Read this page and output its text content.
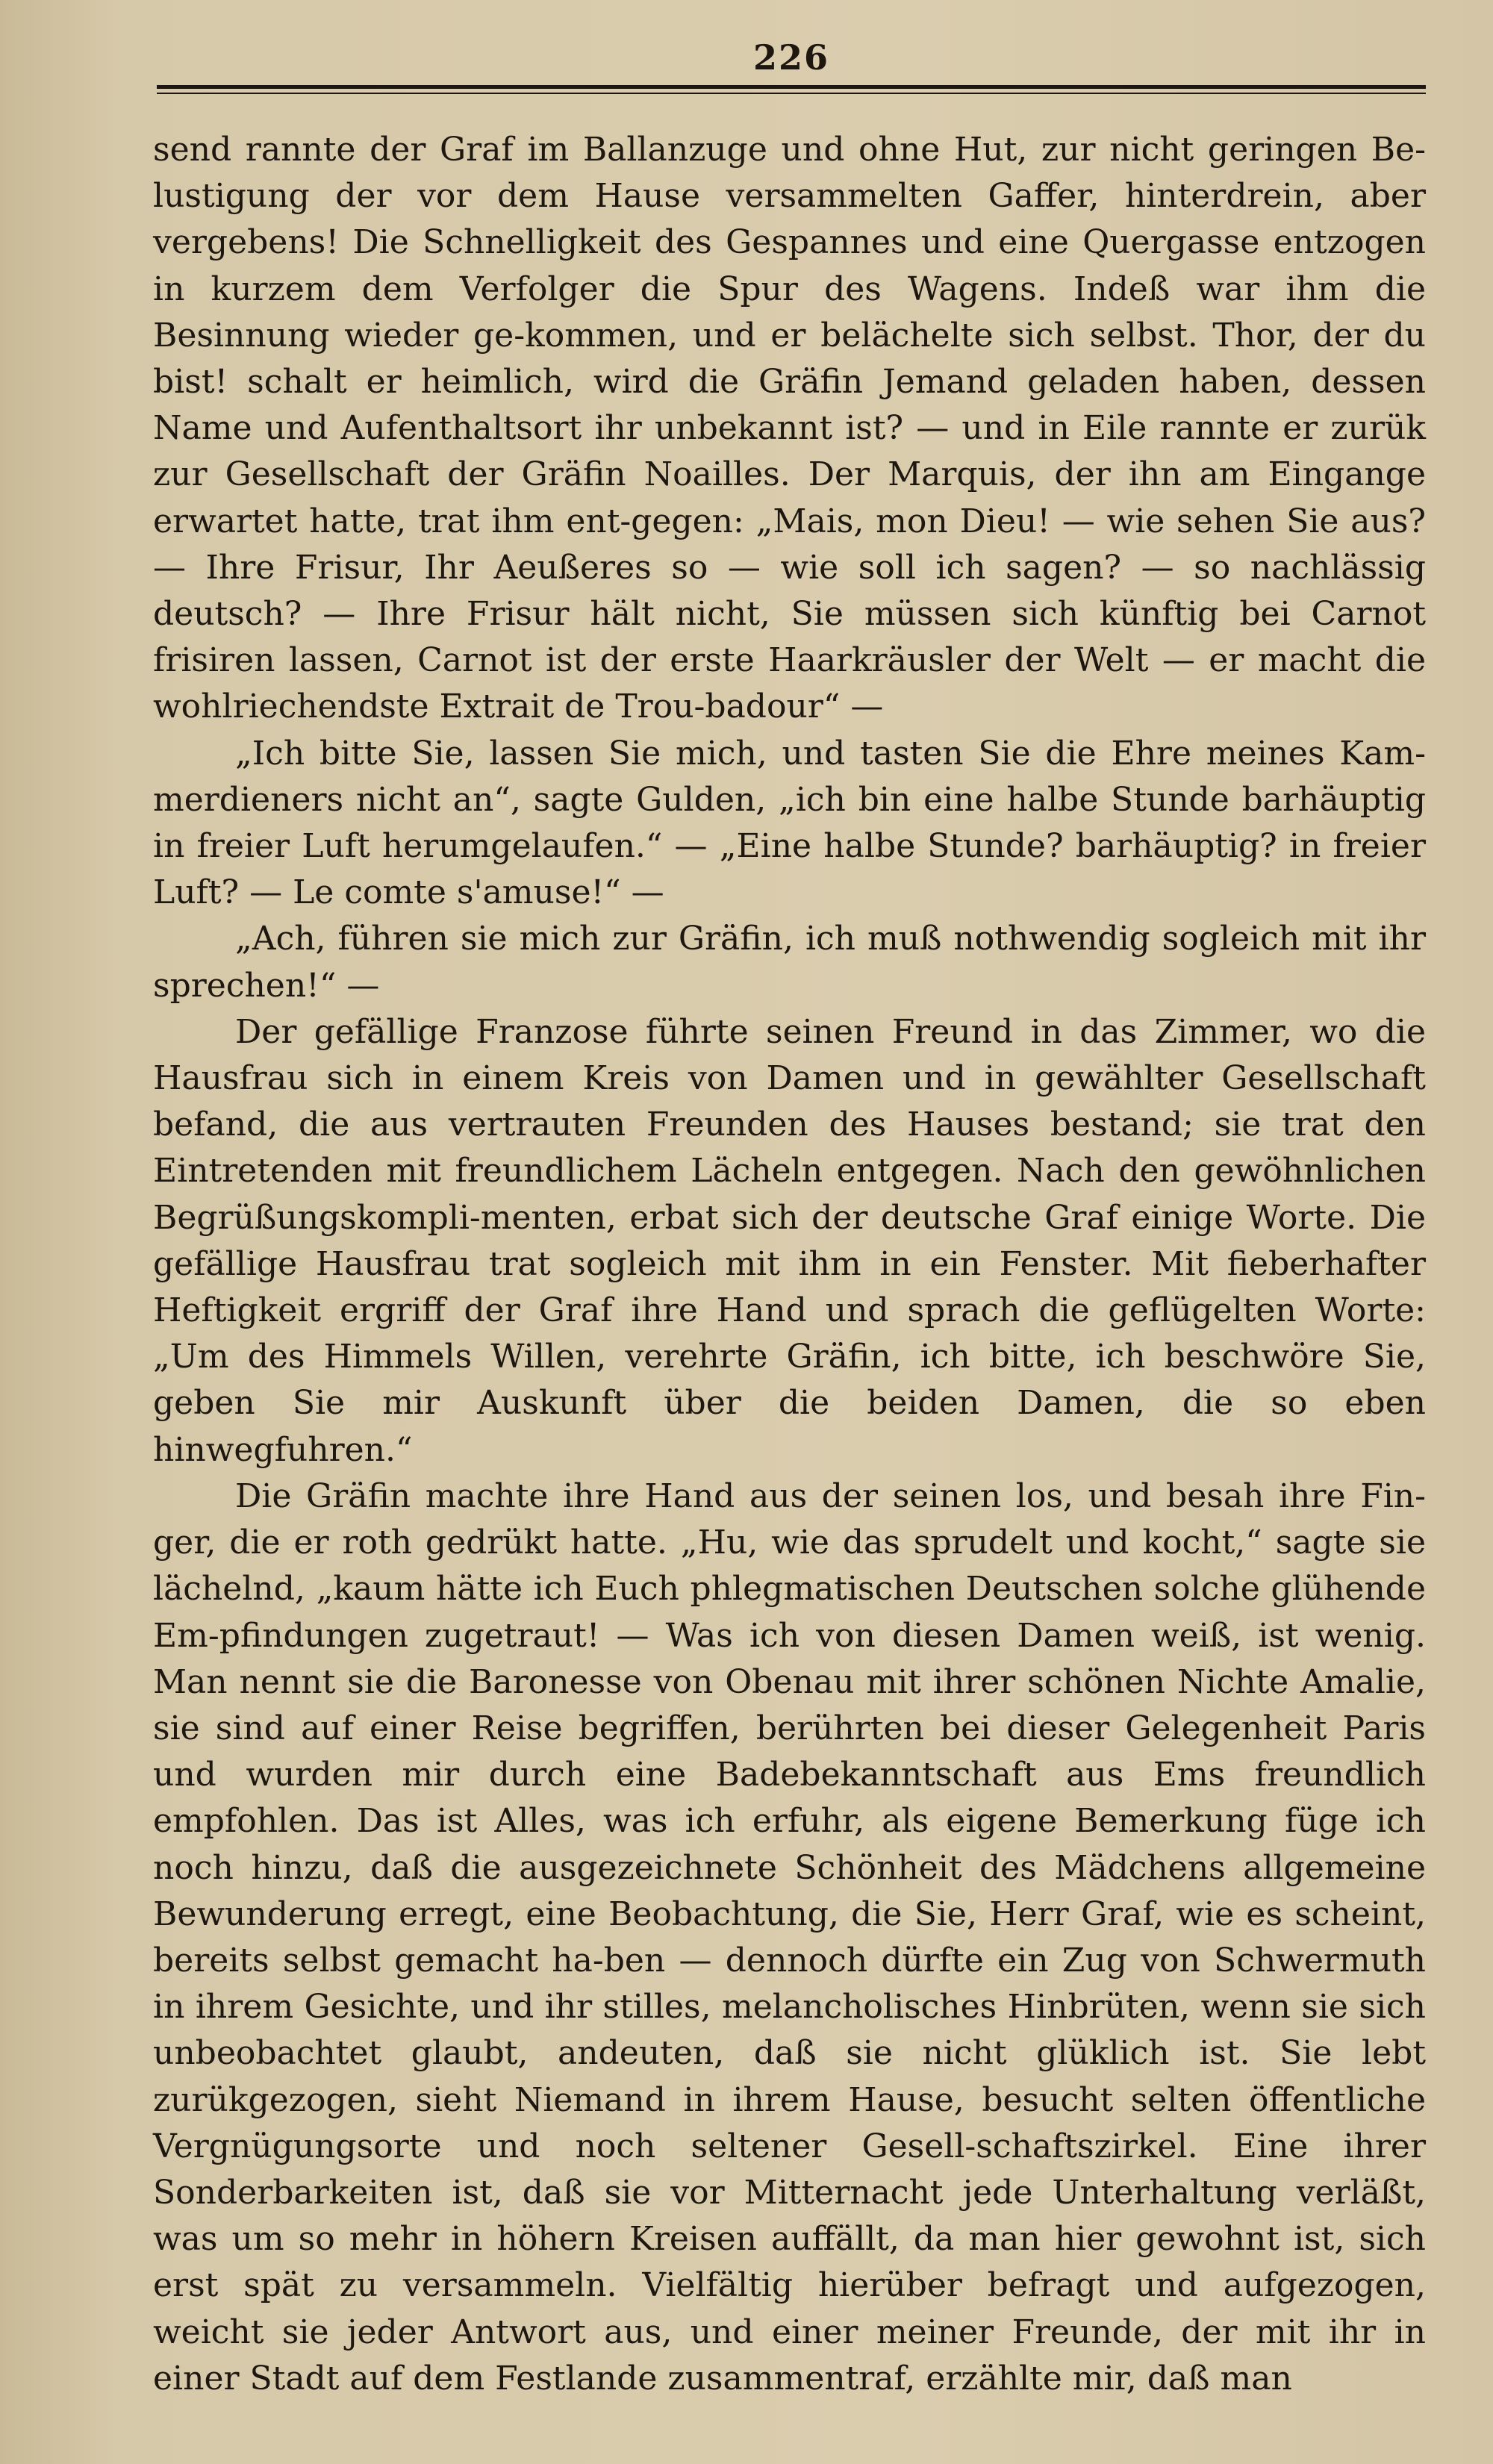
226

send rannte der Graf im Ballanzuge und ohne Hut, zur nicht geringen Be-lustigung der vor dem Hause versammelten Gaffer, hinterdrein, aber vergebens! Die Schnelligkeit des Gespannes und eine Quergasse entzogen in kurzem dem Verfolger die Spur des Wagens. Indeß war ihm die Besinnung wieder ge-kommen, und er belächelte sich selbst. Thor, der du bist! schalt er heimlich, wird die Gräfin Jemand geladen haben, dessen Name und Aufenthaltsort ihr unbekannt ist? — und in Eile rannte er zurük zur Gesellschaft der Gräfin Noailles. Der Marquis, der ihn am Eingange erwartet hatte, trat ihm ent-gegen: „Mais, mon Dieu! — wie sehen Sie aus? — Ihre Frisur, Ihr Aeußeres so — wie soll ich sagen? — so nachlässig deutsch? — Ihre Frisur hält nicht, Sie müssen sich künftig bei Carnot frisiren lassen, Carnot ist der erste Haarkräusler der Welt — er macht die wohlriechendste Extrait de Trou-badour“ —

„Ich bitte Sie, lassen Sie mich, und tasten Sie die Ehre meines Kam-merdieners nicht an“, sagte Gulden, „ich bin eine halbe Stunde barhäuptig in freier Luft herumgelaufen.“ — „Eine halbe Stunde? barhäuptig? in freier Luft? — Le comte s'amuse!“ —

„Ach, führen sie mich zur Gräfin, ich muß nothwendig sogleich mit ihr sprechen!“ —

Der gefällige Franzose führte seinen Freund in das Zimmer, wo die Hausfrau sich in einem Kreis von Damen und in gewählter Gesellschaft befand, die aus vertrauten Freunden des Hauses bestand; sie trat den Eintretenden mit freundlichem Lächeln entgegen. Nach den gewöhnlichen Begrüßungskompli-menten, erbat sich der deutsche Graf einige Worte. Die gefällige Hausfrau trat sogleich mit ihm in ein Fenster. Mit fieberhafter Heftigkeit ergriff der Graf ihre Hand und sprach die geflügelten Worte: „Um des Himmels Willen, verehrte Gräfin, ich bitte, ich beschwöre Sie, geben Sie mir Auskunft über die beiden Damen, die so eben hinwegfuhren.“

Die Gräfin machte ihre Hand aus der seinen los, und besah ihre Fin-ger, die er roth gedrükt hatte. „Hu, wie das sprudelt und kocht,“ sagte sie lächelnd, „kaum hätte ich Euch phlegmatischen Deutschen solche glühende Em-pfindungen zugetraut! — Was ich von diesen Damen weiß, ist wenig. Man nennt sie die Baronesse von Obenau mit ihrer schönen Nichte Amalie, sie sind auf einer Reise begriffen, berührten bei dieser Gelegenheit Paris und wurden mir durch eine Badebekanntschaft aus Ems freundlich empfohlen. Das ist Alles, was ich erfuhr, als eigene Bemerkung füge ich noch hinzu, daß die ausgezeichnete Schönheit des Mädchens allgemeine Bewunderung erregt, eine Beobachtung, die Sie, Herr Graf, wie es scheint, bereits selbst gemacht ha-ben — dennoch dürfte ein Zug von Schwermuth in ihrem Gesichte, und ihr stilles, melancholisches Hinbrüten, wenn sie sich unbeobachtet glaubt, andeuten, daß sie nicht glüklich ist. Sie lebt zurükgezogen, sieht Niemand in ihrem Hause, besucht selten öffentliche Vergnügungsorte und noch seltener Gesell-schaftszirkel. Eine ihrer Sonderbarkeiten ist, daß sie vor Mitternacht jede Unterhaltung verläßt, was um so mehr in höhern Kreisen auffällt, da man hier gewohnt ist, sich erst spät zu versammeln. Vielfältig hierüber befragt und aufgezogen, weicht sie jeder Antwort aus, und einer meiner Freunde, der mit ihr in einer Stadt auf dem Festlande zusammentraf, erzählte mir, daß man
